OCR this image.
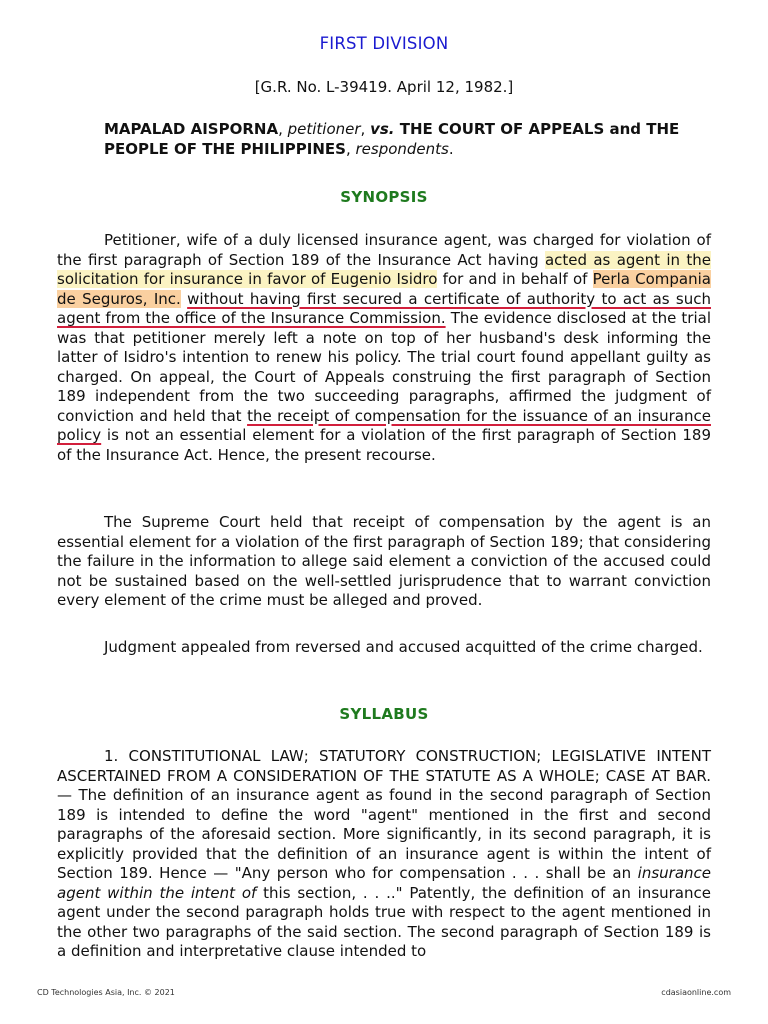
FIRST DIVISION
[G.R. No. L-39419. April 12, 1982.]
MAPALAD AISPORNA, petitioner, vs. THE COURT OF APPEALS and THE PEOPLE OF THE PHILIPPINES, respondents.
SYNOPSIS
Petitioner, wife of a duly licensed insurance agent, was charged for violation of the first paragraph of Section 189 of the Insurance Act having acted as agent in the solicitation for insurance in favor of Eugenio Isidro for and in behalf of Perla Compania de Seguros, Inc. without having first secured a certificate of authority to act as such agent from the office of the Insurance Commission. The evidence disclosed at the trial was that petitioner merely left a note on top of her husband's desk informing the latter of Isidro's intention to renew his policy. The trial court found appellant guilty as charged. On appeal, the Court of Appeals construing the first paragraph of Section 189 independent from the two succeeding paragraphs, affirmed the judgment of conviction and held that the receipt of compensation for the issuance of an insurance policy is not an essential element for a violation of the first paragraph of Section 189 of the Insurance Act. Hence, the present recourse.
The Supreme Court held that receipt of compensation by the agent is an essential element for a violation of the first paragraph of Section 189; that considering the failure in the information to allege said element a conviction of the accused could not be sustained based on the well-settled jurisprudence that to warrant conviction every element of the crime must be alleged and proved.
Judgment appealed from reversed and accused acquitted of the crime charged.
SYLLABUS
1. CONSTITUTIONAL LAW; STATUTORY CONSTRUCTION; LEGISLATIVE INTENT ASCERTAINED FROM A CONSIDERATION OF THE STATUTE AS A WHOLE; CASE AT BAR. — The definition of an insurance agent as found in the second paragraph of Section 189 is intended to define the word "agent" mentioned in the first and second paragraphs of the aforesaid section. More significantly, in its second paragraph, it is explicitly provided that the definition of an insurance agent is within the intent of Section 189. Hence — "Any person who for compensation . . . shall be an insurance agent within the intent of this section, . . .." Patently, the definition of an insurance agent under the second paragraph holds true with respect to the agent mentioned in the other two paragraphs of the said section. The second paragraph of Section 189 is a definition and interpretative clause intended to
CD Technologies Asia, Inc. © 2021	cdasiaonline.com
